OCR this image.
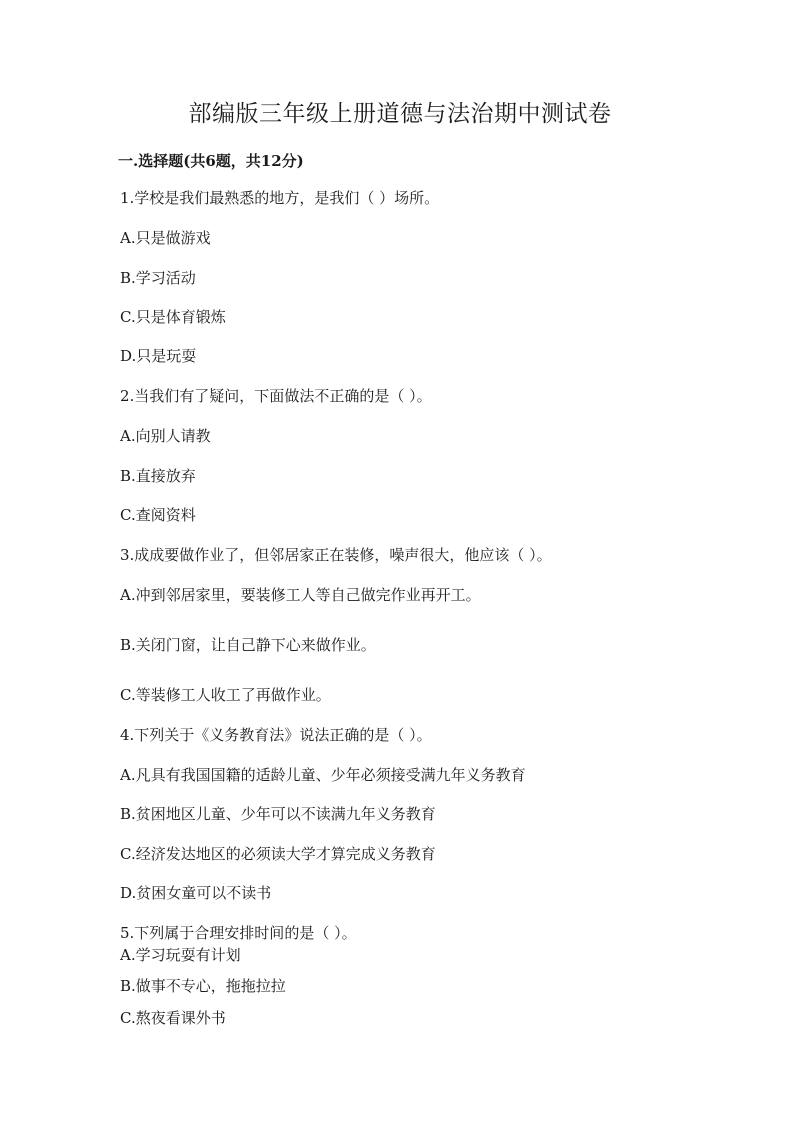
部编版三年级上册道德与法治期中测试卷
一.选择题(共6题，共12分)
1.学校是我们最熟悉的地方，是我们（ ）场所。
A.只是做游戏
B.学习活动
C.只是体育锻炼
D.只是玩耍
2.当我们有了疑问，下面做法不正确的是（ ）。
A.向别人请教
B.直接放弃
C.查阅资料
3.成成要做作业了，但邻居家正在装修，噪声很大，他应该（ ）。
A.冲到邻居家里，要装修工人等自己做完作业再开工。
B.关闭门窗，让自己静下心来做作业。
C.等装修工人收工了再做作业。
4.下列关于《义务教育法》说法正确的是（ ）。
A.凡具有我国国籍的适龄儿童、少年必须接受满九年义务教育
B.贫困地区儿童、少年可以不读满九年义务教育
C.经济发达地区的必须读大学才算完成义务教育
D.贫困女童可以不读书
5.下列属于合理安排时间的是（ ）。
A.学习玩耍有计划
B.做事不专心，拖拖拉拉
C.熬夜看课外书
